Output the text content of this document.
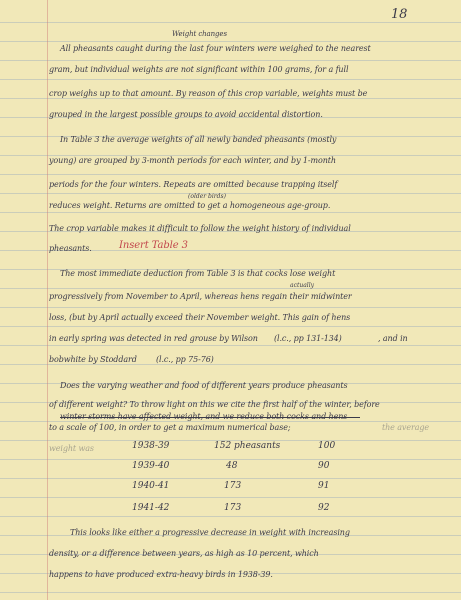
18
Weight changes
All pheasants caught during the last four winters were weighed to the nearest
gram, but individual weights are not significant within 100 grams, for a full
crop weighs up to that amount. By reason of this crop variable, weights must be
grouped in the largest possible groups to avoid accidental distortion.
In Table 3 the average weights of all newly banded pheasants (mostly
young) are grouped by 3-month periods for each winter, and by 1-month
periods for the four winters. Repeats are omitted because trapping itself
(older birds)
reduces weight. Returns are omitted to get a homogeneous age-group.
The crop variable makes it difficult to follow the weight history of individual
pheasants.	Insert Table 3
The most immediate deduction from Table 3 is that cocks lose weight
actually
progressively from November to April, whereas hens regain their midwinter
loss, (but by April actually exceed their November weight. This gain of hens
in early spring was detected in red grouse by Wilson (l.c., pp 131-134)	, and in
bobwhite by Stoddard (l.c., pp 75-76)
Does the varying weather and food of different years produce pheasants
of different weight? To throw light on this we cite the first half of the winter, before
to a scale of 100, in order to get a maximum numerical base;	the average
weight was	1938-39	152 pheasants	100
1939-40	48	90
1940-41	173	91
1941-42	173	92
This looks like either a progressive decrease in weight with increasing
density, or a difference between years, as high as 10 percent, which
happens to have produced extra-heavy birds in 1938-39.
